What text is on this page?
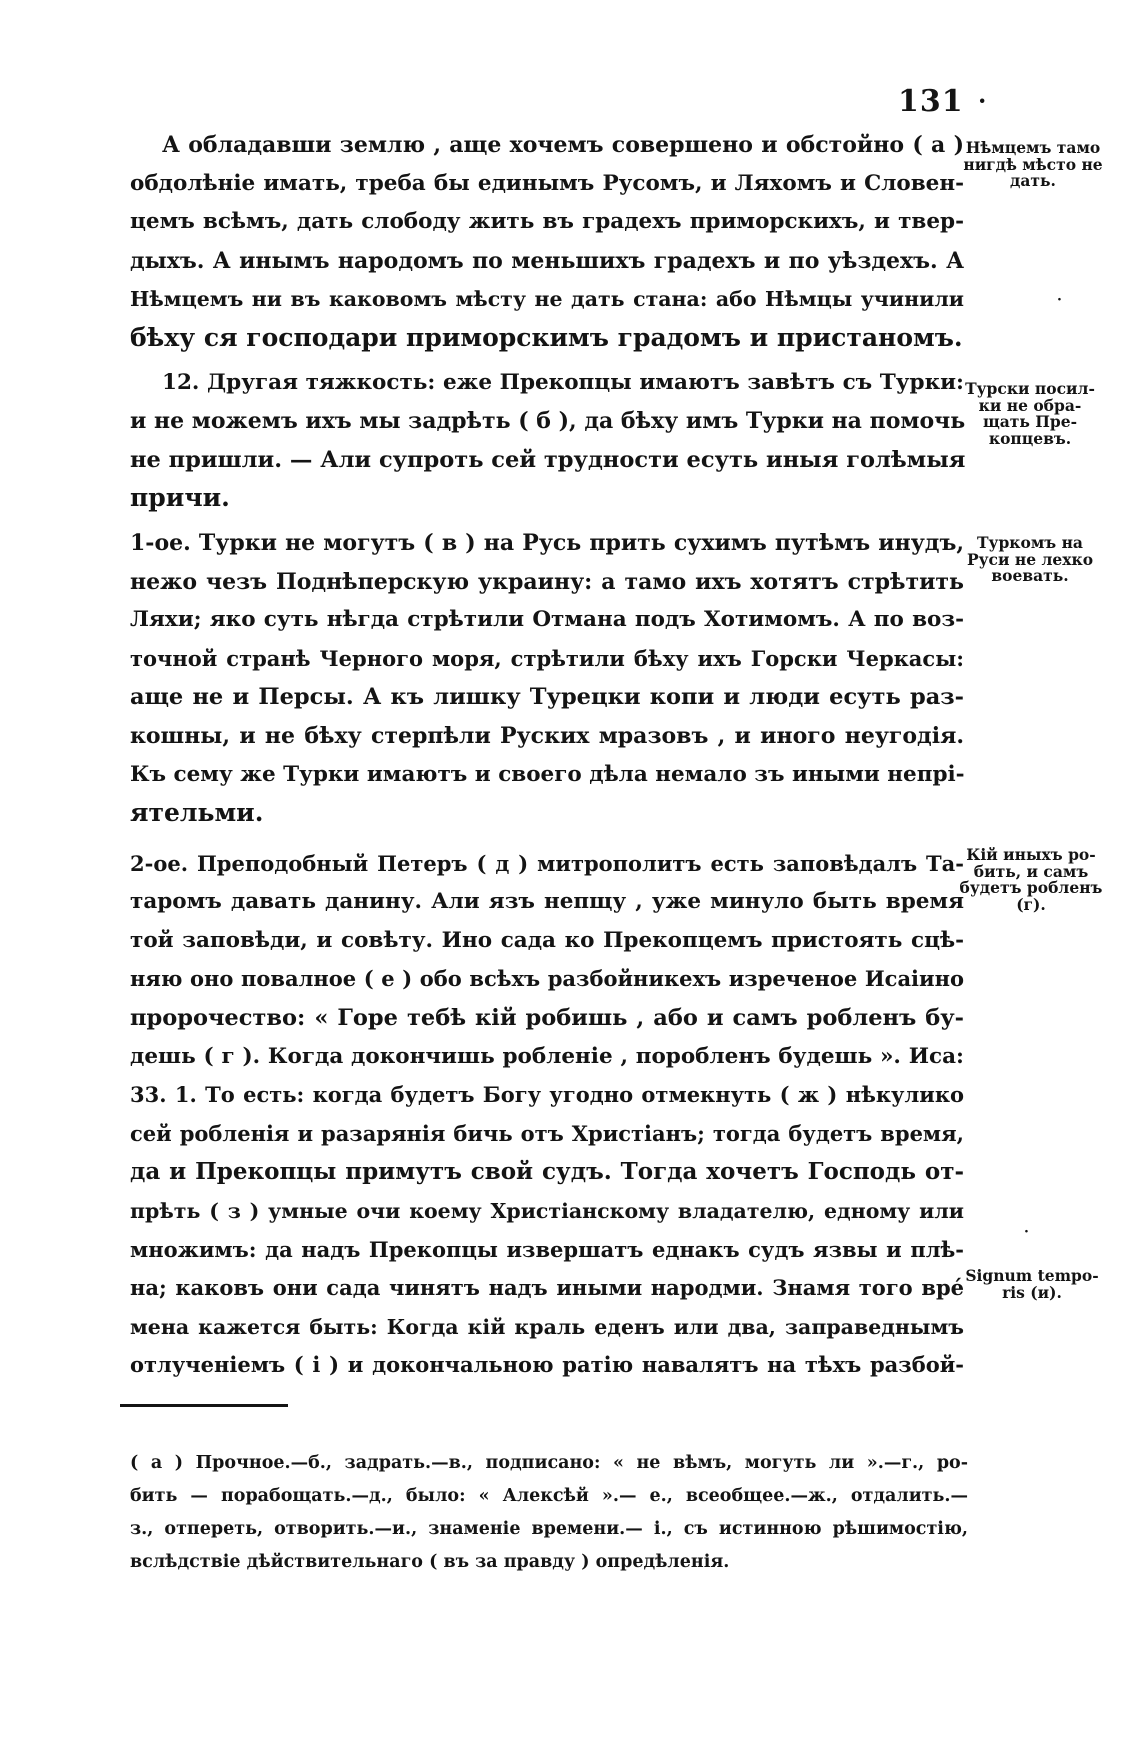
131 ·
А обладавши землю , аще хочемъ совершено и обстойно ( а )
обдолѣніе имать, треба бы единымъ Русомъ, и Ляхомъ и Словен-
цемъ всѣмъ, дать слободу жить въ градехъ приморскихъ, и твер-
дыхъ. А инымъ народомъ по меньшихъ градехъ и по уѣздехъ. А
Нѣмцемъ ни въ каковомъ мѣсту не дать стана: або Нѣмцы учинили
бѣху ся господари приморскимъ градомъ и пристаномъ.
12. Другая тяжкость: еже Прекопцы имаютъ завѣтъ съ Турки:
и не можемъ ихъ мы задрѣть ( б ), да бѣху имъ Турки на помочь
не пришли. — Али супроть сей трудности есуть иныя голѣмыя
причи.
1-ое. Турки не могутъ ( в ) на Русь прить сухимъ путѣмъ инудъ,
нежо чезъ Поднѣперскую украину: а тамо ихъ хотятъ стрѣтить
Ляхи; яко суть нѣгда стрѣтили Отмана подъ Хотимомъ. А по воз-
точной странѣ Черного моря, стрѣтили бѣху ихъ Горски Черкасы:
аще не и Персы. А къ лишку Турецки копи и люди есуть раз-
кошны, и не бѣху стерпѣли Руских мразовъ , и иного неугодія.
Къ сему же Турки имаютъ и своего дѣла немало зъ иными непрі-
ятельми.
2-ое. Преподобный Петеръ ( д ) митрополитъ есть заповѣдалъ Та-
таромъ давать данину. Али язъ непщу , уже минуло быть время
той заповѣди, и совѣту. Ино сада ко Прекопцемъ пристоять сцѣ-
няю оно повалное ( е ) обо всѣхъ разбойникехъ изреченое Исаіино
пророчество: « Горе тебѣ кій робишь , або и самъ робленъ бу-
дешь ( г ). Когда докончишь робленіе , пороблeнъ будешь ». Иса:
33. 1. То есть: когда будетъ Богу угодно отмекнуть ( ж ) нѣкулико
сей робленія и разарянія бичь отъ Христіанъ; тогда будетъ время,
да и Прекопцы примутъ свой судъ. Тогда хочетъ Господь от-
прѣть ( з ) умные очи коему Христіанскому владателю, едному или
множимъ: да надъ Прекопцы извершатъ еднакъ судъ язвы и плѣ-
на; каковъ они сада чинятъ надъ иными народми. Знамя того врé
мена кажется быть: Когда кій краль еденъ или два, заправеднымъ
отлученіемъ ( і ) и докончальною ратію навалятъ на тѣхъ разбой-
Нѣмцемъ тамо
нигдѣ мѣсто не
дать.
Турски посил-
ки не обра-
щать Пре-
копцевъ.
Туркомъ на
Руси не лехко
воевать.
Кій иныхъ ро-
бить, и самъ
будетъ робленъ
(г).
Signum tempo-
ris (и).
( а ) Прочное.—б., задрать.—в., подписано: « не вѣмъ, могуть ли ».—г., ро-
бить — порабощать.—д., было: « Алексѣй ».— е., всеобщее.—ж., отдалить.—
з., отпереть, отворить.—и., знаменіе времени.— і., съ истинною рѣшимостію,
вслѣдствіе дѣйствительнаго ( въ за правду ) опредѣленія.
·
·
